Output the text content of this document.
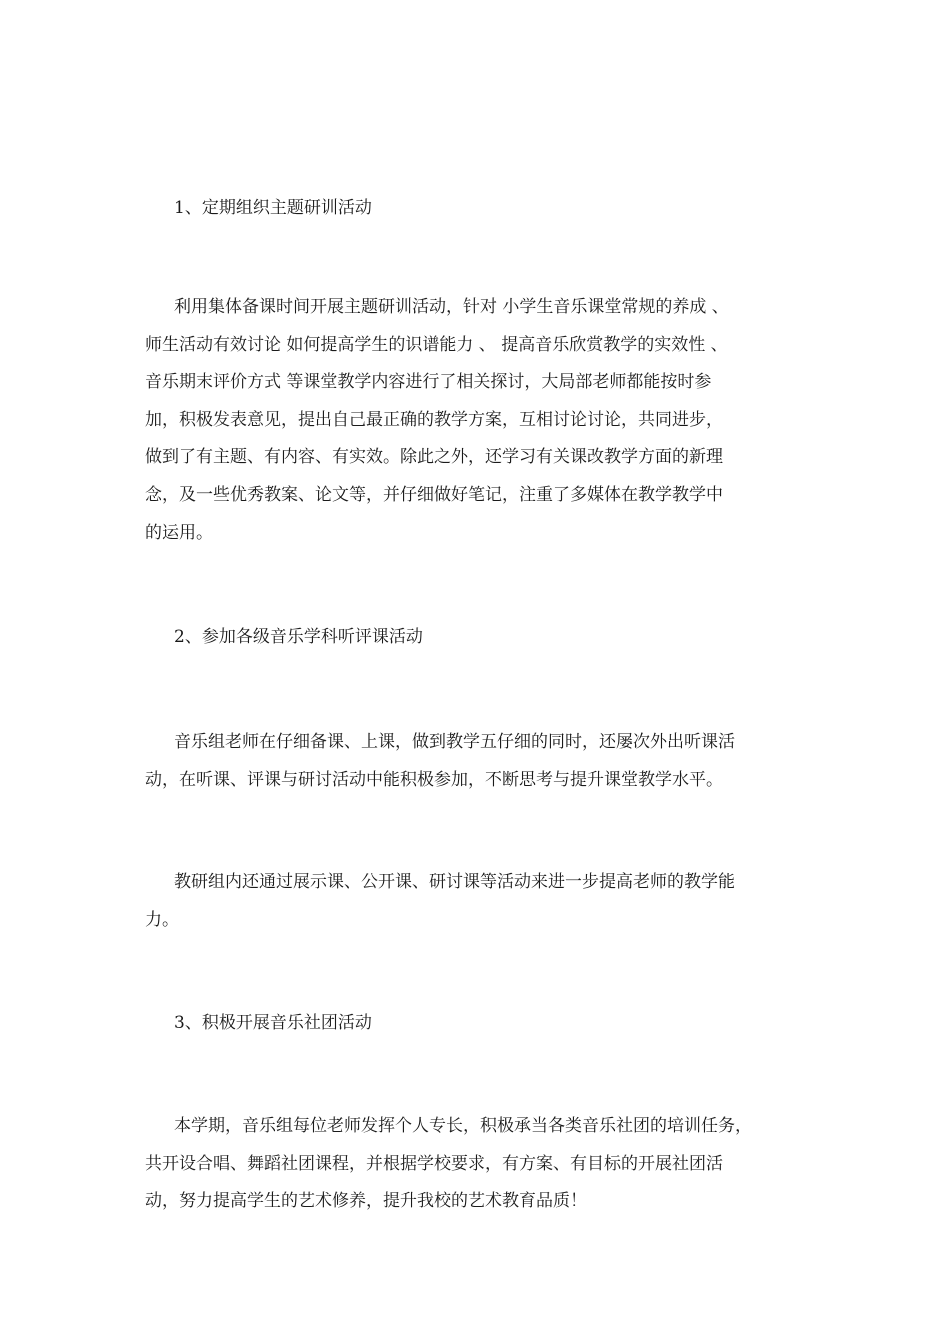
1、定期组织主题研训活动
利用集体备课时间开展主题研训活动，针对 小学生音乐课堂常规的养成 、
师生活动有效讨论 如何提高学生的识谱能力 、 提高音乐欣赏教学的实效性 、
音乐期末评价方式 等课堂教学内容进行了相关探讨，大局部老师都能按时参
加，积极发表意见，提出自己最正确的教学方案，互相讨论讨论，共同进步，
做到了有主题、有内容、有实效。除此之外，还学习有关课改教学方面的新理
念，及一些优秀教案、论文等，并仔细做好笔记，注重了多媒体在教学教学中
的运用。
2、参加各级音乐学科听评课活动
音乐组老师在仔细备课、上课，做到教学五仔细的同时，还屡次外出听课活
动，在听课、评课与研讨活动中能积极参加，不断思考与提升课堂教学水平。
教研组内还通过展示课、公开课、研讨课等活动来进一步提高老师的教学能
力。
3、积极开展音乐社团活动
本学期，音乐组每位老师发挥个人专长，积极承当各类音乐社团的培训任务，
共开设合唱、舞蹈社团课程，并根据学校要求，有方案、有目标的开展社团活
动，努力提高学生的艺术修养，提升我校的艺术教育品质！
